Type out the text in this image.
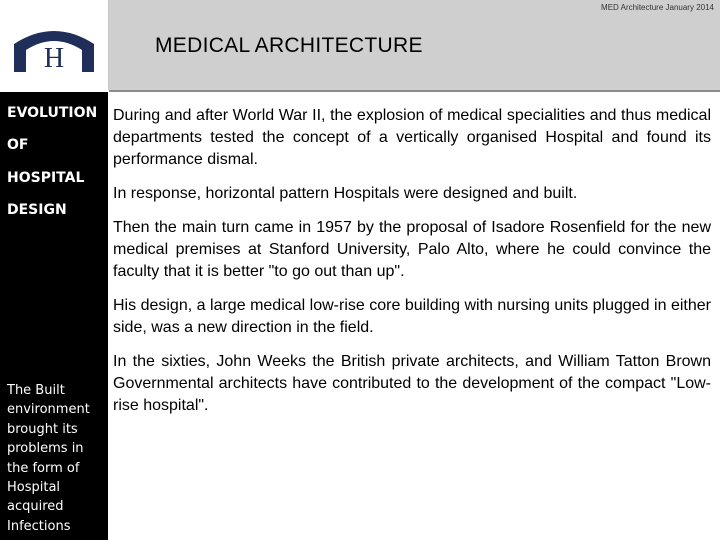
H
MED Architecture January 2014
MEDICAL ARCHITECTURE
EVOLUTION
OF
HOSPITAL
DESIGN
The Built environment brought its problems in the form of Hospital acquired Infections

During and after World War II, the explosion of medical specialities and thus medical departments tested the concept of a vertically organised Hospital and found its performance dismal.

In response, horizontal pattern Hospitals were designed and built.

Then the main turn came in 1957 by the proposal of Isadore Rosenfield for the new medical premises at Stanford University, Palo Alto, where he could convince the faculty that it is better "to go out than up".

His design, a large medical low-rise core building with nursing units plugged in either side, was a new direction in the field.

In the sixties, John Weeks the British private architects, and William Tatton Brown Governmental architects have contributed to the development of the compact "Low-rise hospital".
